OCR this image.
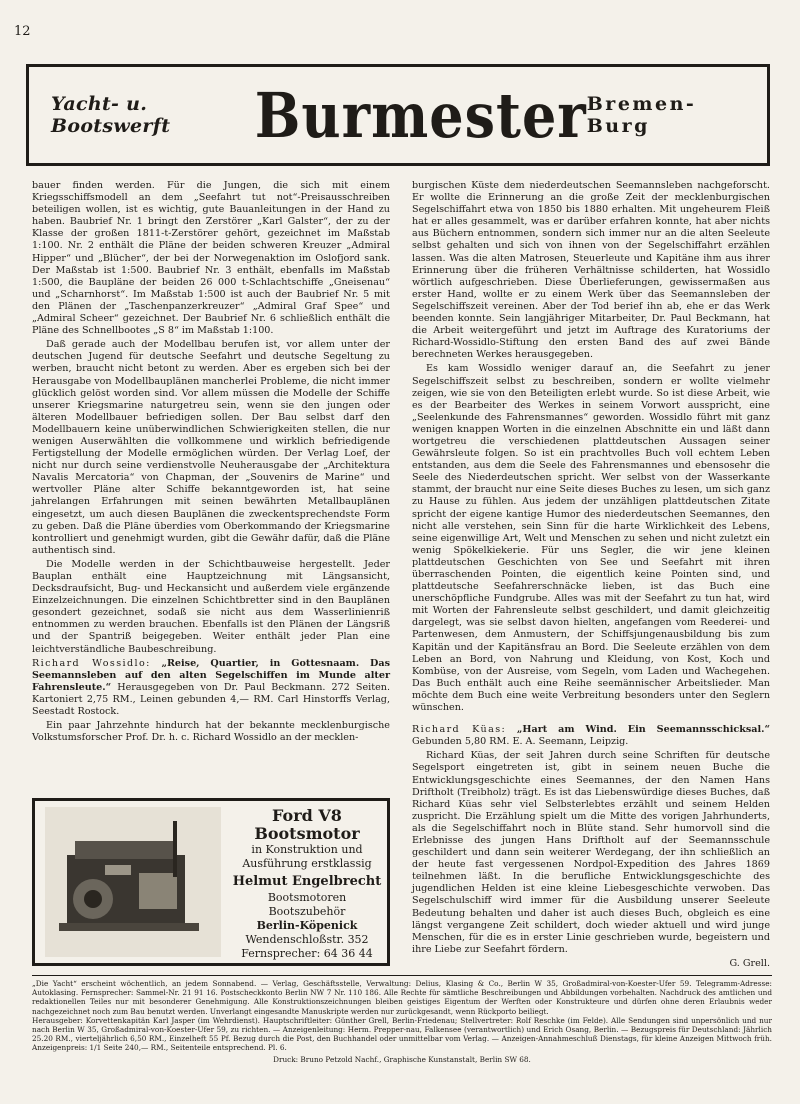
12
Yacht- u. Bootswerft	Burmester Bremen-Burg

bauer finden werden. Für die Jungen, die sich mit einem Kriegsschiffsmodell an dem „Seefahrt tut not“-Preisausschreiben beteiligen wollen, ist es wichtig, gute Bauanleitungen in der Hand zu haben. Baubrief Nr. 1 bringt den Zerstörer „Karl Galster“, der zu der Klasse der großen 1811-t-Zerstörer gehört, gezeichnet im Maßstab 1:100. Nr. 2 enthält die Pläne der beiden schweren Kreuzer „Admiral Hipper“ und „Blücher“, der bei der Norwegenaktion im Oslofjord sank. Der Maßstab ist 1:500. Baubrief Nr. 3 enthält, ebenfalls im Maßstab 1:500, die Baupläne der beiden 26 000 t-Schlachtschiffe „Gneisenau“ und „Scharnhorst“. Im Maßstab 1:500 ist auch der Baubrief Nr. 5 mit den Plänen der „Taschenpanzerkreuzer“ „Admiral Graf Spee“ und „Admiral Scheer“ gezeichnet. Der Baubrief Nr. 6 schließlich enthält die Pläne des Schnellbootes „S 8“ im Maßstab 1:100.

Daß gerade auch der Modellbau berufen ist, vor allem unter der deutschen Jugend für deutsche Seefahrt und deutsche Segeltung zu werben, braucht nicht betont zu werden. Aber es ergeben sich bei der Herausgabe von Modellbauplänen mancherlei Probleme, die nicht immer glücklich gelöst worden sind. Vor allem müssen die Modelle der Schiffe unserer Kriegsmarine naturgetreu sein, wenn sie den jungen oder älteren Modellbauer befriedigen sollen. Der Bau selbst darf den Modellbauern keine unüberwindlichen Schwierigkeiten stellen, die nur wenigen Auserwählten die vollkommene und wirklich befriedigende Fertigstellung der Modelle ermöglichen würden. Der Verlag Loef, der nicht nur durch seine verdienstvolle Neuherausgabe der „Architektura Navalis Mercatoria“ von Chapman, der „Souvenirs de Marine“ und wertvoller Pläne alter Schiffe bekanntgeworden ist, hat seine jahrelangen Erfahrungen mit seinen bewährten Metallbauplänen eingesetzt, um auch diesen Bauplänen die zweckentsprechendste Form zu geben. Daß die Pläne überdies vom Oberkommando der Kriegsmarine kontrolliert und genehmigt wurden, gibt die Gewähr dafür, daß die Pläne authentisch sind.

Die Modelle werden in der Schichtbauweise hergestellt. Jeder Bauplan enthält eine Hauptzeichnung mit Längsansicht, Decksdraufsicht, Bug- und Heckansicht und außerdem viele ergänzende Einzelzeichnungen. Die einzelnen Schichtbretter sind in den Bauplänen gesondert gezeichnet, sodaß sie nicht aus dem Wasserlinienriß entnommen zu werden brauchen. Ebenfalls ist den Plänen der Längsriß und der Spantriß beigegeben. Weiter enthält jeder Plan eine leichtverständliche Baubeschreibung.

Richard Wossidlo: „Reise, Quartier, in Gottesnaam. Das Seemannsleben auf den alten Segelschiffen im Munde alter Fahrensleute.“ Herausgegeben von Dr. Paul Beckmann. 272 Seiten. Kartoniert 2,75 RM., Leinen gebunden 4,— RM. Carl Hinstorffs Verlag, Seestadt Rostock.

Ein paar Jahrzehnte hindurch hat der bekannte mecklenburgische Volkstumsforscher Prof. Dr. h. c. Richard Wossidlo an der mecklen-

Ford V8
Bootsmotor
in Konstruktion und
Ausführung erstklassig
Helmut Engelbrecht
Bootsmotoren
Bootszubehör
Berlin-Köpenick
Wendenschloßstr. 352
Fernsprecher: 64 36 44

burgischen Küste dem niederdeutschen Seemannsleben nachgeforscht. Er wollte die Erinnerung an die große Zeit der mecklenburgischen Segelschiffahrt etwa von 1850 bis 1880 erhalten. Mit ungeheurem Fleiß hat er alles gesammelt, was er darüber erfahren konnte, hat aber nichts aus Büchern entnommen, sondern sich immer nur an die alten Seeleute selbst gehalten und sich von ihnen von der Segelschiffahrt erzählen lassen. Was die alten Matrosen, Steuerleute und Kapitäne ihm aus ihrer Erinnerung über die früheren Verhältnisse schilderten, hat Wossidlo wörtlich aufgeschrieben. Diese Überlieferungen, gewissermaßen aus erster Hand, wollte er zu einem Werk über das Seemannsleben der Segelschiffszeit vereinen. Aber der Tod berief ihn ab, ehe er das Werk beenden konnte. Sein langjähriger Mitarbeiter, Dr. Paul Beckmann, hat die Arbeit weitergeführt und jetzt im Auftrage des Kuratoriums der Richard-Wossidlo-Stiftung den ersten Band des auf zwei Bände berechneten Werkes herausgegeben.

Es kam Wossidlo weniger darauf an, die Seefahrt zu jener Segelschiffszeit selbst zu beschreiben, sondern er wollte vielmehr zeigen, wie sie von den Beteiligten erlebt wurde. So ist diese Arbeit, wie es der Bearbeiter des Werkes in seinem Vorwort ausspricht, eine „Seelenkunde des Fahrensmannes“ geworden. Wossidlo führt mit ganz wenigen knappen Worten in die einzelnen Abschnitte ein und läßt dann wortgetreu die verschiedenen plattdeutschen Aussagen seiner Gewährsleute folgen. So ist ein prachtvolles Buch voll echtem Leben entstanden, aus dem die Seele des Fahrensmannes und ebensosehr die Seele des Niederdeutschen spricht. Wer selbst von der Wasserkante stammt, der braucht nur eine Seite dieses Buches zu lesen, um sich ganz zu Hause zu fühlen. Aus jedem der unzähligen plattdeutschen Zitate spricht der eigene kantige Humor des niederdeutschen Seemannes, den nicht alle verstehen, sein Sinn für die harte Wirklichkeit des Lebens, seine eigenwillige Art, Welt und Menschen zu sehen und nicht zuletzt ein wenig Spökelkiekerie. Für uns Segler, die wir jene kleinen plattdeutschen Geschichten von See und Seefahrt mit ihren überraschenden Pointen, die eigentlich keine Pointen sind, und plattdeutsche Seefahrerschnäcke lieben, ist das Buch eine unerschöpfliche Fundgrube. Alles was mit der Seefahrt zu tun hat, wird mit Worten der Fahrensleute selbst geschildert, und damit gleichzeitig dargelegt, was sie selbst davon hielten, angefangen vom Reederei- und Partenwesen, dem Anmustern, der Schiffsjungenausbildung bis zum Kapitän und der Kapitänsfrau an Bord. Die Seeleute erzählen von dem Leben an Bord, von Nahrung und Kleidung, von Kost, Koch und Kombüse, von der Ausreise, vom Segeln, vom Laden und Wachegehen. Das Buch enthält auch eine Reihe seemännischer Arbeitslieder. Man möchte dem Buch eine weite Verbreitung besonders unter den Seglern wünschen.

Richard Küas: „Hart am Wind. Ein Seemannsschicksal.“ Gebunden 5,80 RM. E. A. Seemann, Leipzig.

Richard Küas, der seit Jahren durch seine Schriften für deutsche Segelsport eingetreten ist, gibt in seinem neuen Buche die Entwicklungsgeschichte eines Seemannes, der den Namen Hans Driftholt (Treibholz) trägt. Es ist das Liebenswürdige dieses Buches, daß Richard Küas sehr viel Selbsterlebtes erzählt und seinem Helden zuspricht. Die Erzählung spielt um die Mitte des vorigen Jahrhunderts, als die Segelschiffahrt noch in Blüte stand. Sehr humorvoll sind die Erlebnisse des jungen Hans Driftholt auf der Seemannsschule geschildert und dann sein weiterer Werdegang, der ihn schließlich an der heute fast vergessenen Nordpol-Expedition des Jahres 1869 teilnehmen läßt. In die berufliche Entwicklungsgeschichte des jugendlichen Helden ist eine kleine Liebesgeschichte verwoben. Das Segelschulschiff wird immer für die Ausbildung unserer Seeleute Bedeutung behalten und daher ist auch dieses Buch, obgleich es eine längst vergangene Zeit schildert, doch wieder aktuell und wird junge Menschen, für die es in erster Linie geschrieben wurde, begeistern und ihre Liebe zur Seefahrt fördern.

G. Grell.

„Die Yacht“ erscheint wöchentlich, an jedem Sonnabend. — Verlag, Geschäftsstelle, Verwaltung: Delius, Klasing & Co., Berlin W 35, Großadmiral-von-Koester-Ufer 59. Telegramm-Adresse: Autoklasing. Fernsprecher: Sammel-Nr. 21 91 16. Postscheckkonto Berlin NW 7 Nr. 110 186. Alle Rechte für sämtliche Beschreibungen und Abbildungen vorbehalten. Nachdruck des amtlichen und redaktionellen Teiles nur mit besonderer Genehmigung. Alle Konstruktionszeichnungen bleiben geistiges Eigentum der Werften oder Konstrukteure und dürfen ohne deren Erlaubnis weder nachgezeichnet noch zum Bau benutzt werden. Unverlangt eingesandte Manuskripte werden nur zurückgesandt, wenn Rückporto beiliegt.

Herausgeber: Korvettenkapitän Karl Jasper (im Wehrdienst). Hauptschriftleiter: Günther Grell, Berlin-Friedenau; Stellvertreter: Rolf Reschke (im Felde). Alle Sendungen sind unpersönlich und nur nach Berlin W 35, Großadmiral-von-Koester-Ufer 59, zu richten. — Anzeigenleitung: Herm. Prepper-nau, Falkensee (verantwortlich) und Erich Osang, Berlin. — Bezugspreis für Deutschland: Jährlich 25.20 RM., vierteljährlich 6,50 RM., Einzelheft 55 Pf. Bezug durch die Post, den Buchhandel oder unmittelbar vom Verlag. — Anzeigen-Annahmeschluß Dienstags, für kleine Anzeigen Mittwoch früh. Anzeigenpreis: 1/1 Seite 240,— RM., Seitenteile entsprechend. Pl. 6.

Druck: Bruno Petzold Nachf., Graphische Kunstanstalt, Berlin SW 68.
